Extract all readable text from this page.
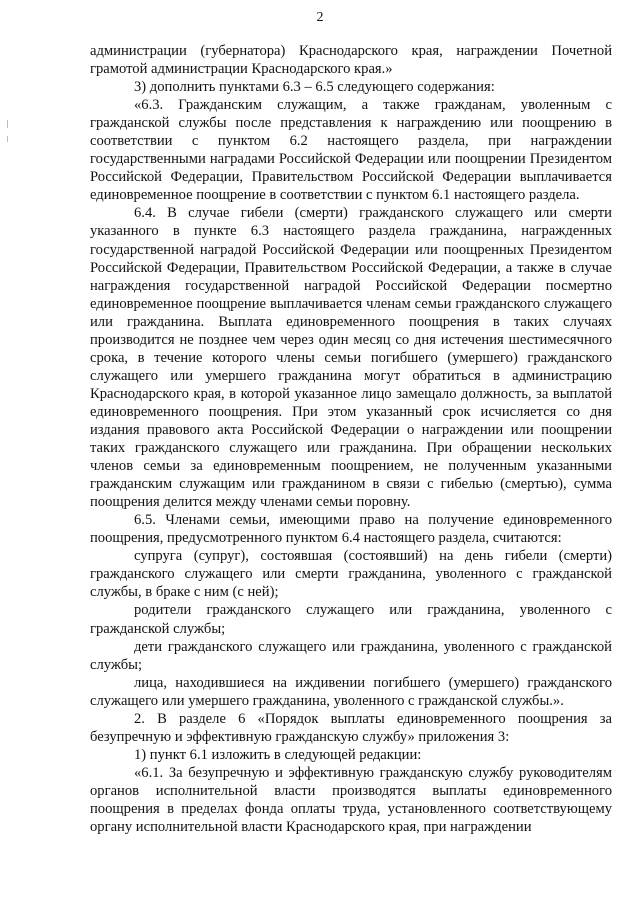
2

администрации (губернатора) Краснодарского края, награждении Почетной грамотой администрации Краснодарского края.»

3) дополнить пунктами 6.3 – 6.5 следующего содержания:

«6.3. Гражданским служащим, а также гражданам, уволенным с гражданской службы после представления к награждению или поощрению в соответствии с пунктом 6.2 настоящего раздела, при награждении государственными наградами Российской Федерации или поощрении Президентом Российской Федерации, Правительством Российской Федерации выплачивается единовременное поощрение в соответствии с пунктом 6.1 настоящего раздела.

6.4. В случае гибели (смерти) гражданского служащего или смерти указанного в пункте 6.3 настоящего раздела гражданина, награжденных государственной наградой Российской Федерации или поощренных Президентом Российской Федерации, Правительством Российской Федерации, а также в случае награждения государственной наградой Российской Федерации посмертно единовременное поощрение выплачивается членам семьи гражданского служащего или гражданина. Выплата единовременного поощрения в таких случаях производится не позднее чем через один месяц со дня истечения шестимесячного срока, в течение которого члены семьи погибшего (умершего) гражданского служащего или умершего гражданина могут обратиться в администрацию Краснодарского края, в которой указанное лицо замещало должность, за выплатой единовременного поощрения. При этом указанный срок исчисляется со дня издания правового акта Российской Федерации о награждении или поощрении таких гражданского служащего или гражданина. При обращении нескольких членов семьи за единовременным поощрением, не полученным указанными гражданским служащим или гражданином в связи с гибелью (смертью), сумма поощрения делится между членами семьи поровну.

6.5. Членами семьи, имеющими право на получение единовременного поощрения, предусмотренного пунктом 6.4 настоящего раздела, считаются:

супруга (супруг), состоявшая (состоявший) на день гибели (смерти) гражданского служащего или смерти гражданина, уволенного с гражданской службы, в браке с ним (с ней);

родители гражданского служащего или гражданина, уволенного с гражданской службы;

дети гражданского служащего или гражданина, уволенного с гражданской службы;

лица, находившиеся на иждивении погибшего (умершего) гражданского служащего или умершего гражданина, уволенного с гражданской службы.».

2. В разделе 6 «Порядок выплаты единовременного поощрения за безупречную и эффективную гражданскую службу» приложения 3:

1) пункт 6.1 изложить в следующей редакции:

«6.1. За безупречную и эффективную гражданскую службу руководителям органов исполнительной власти производятся выплаты единовременного поощрения в пределах фонда оплаты труда, установленного соответствующему органу исполнительной власти Краснодарского края, при награждении
